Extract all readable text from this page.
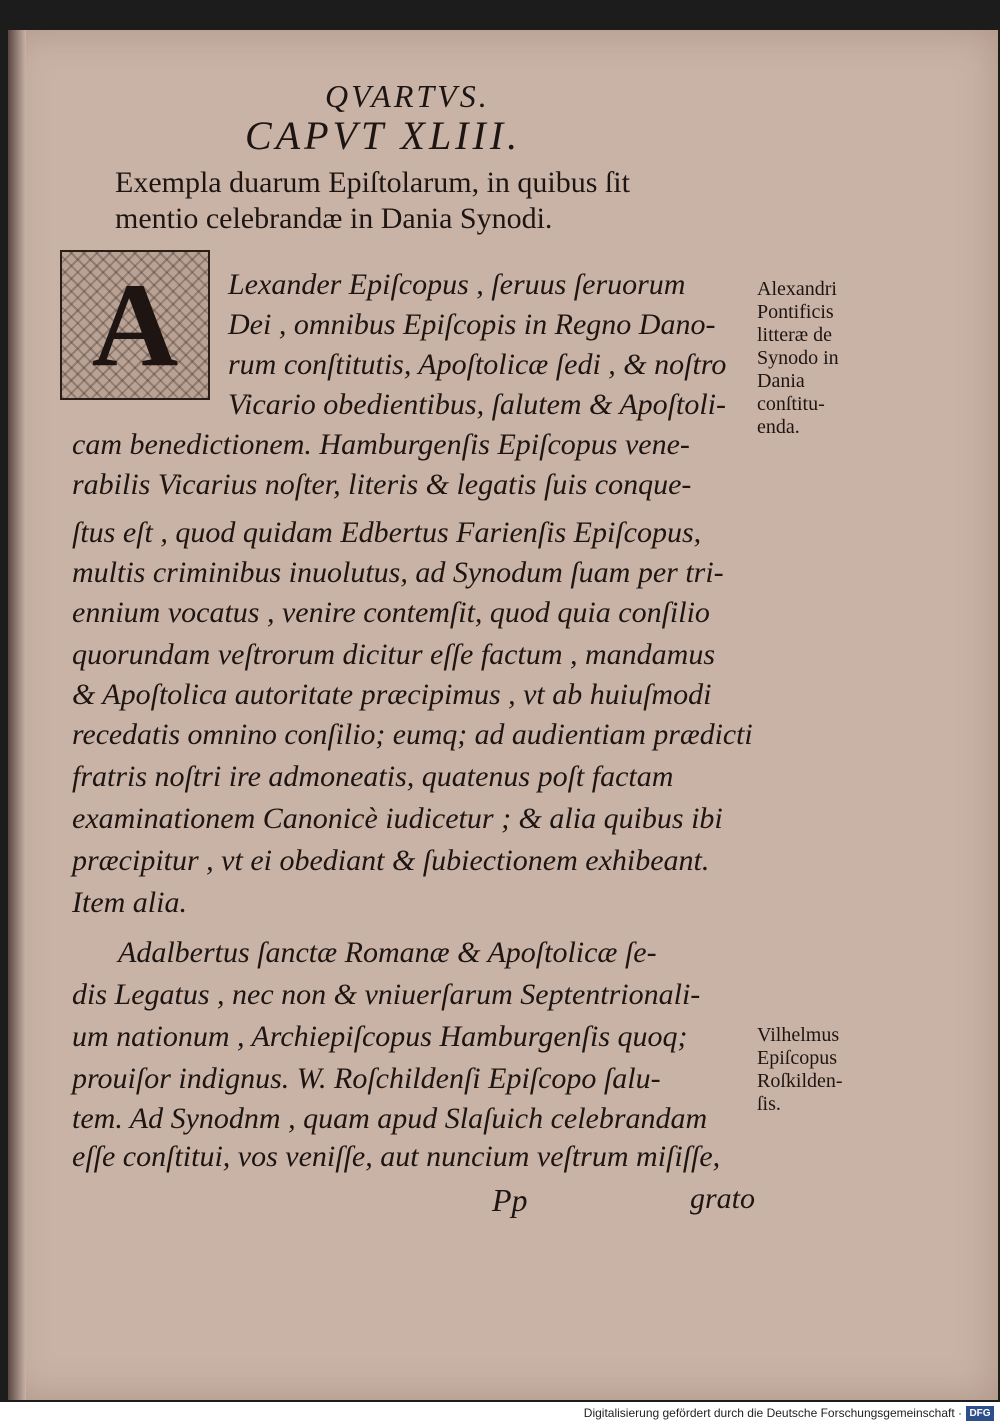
QVARTVS.
CAPVT XLIII.
Exempla duarum Epiſtolarum, in quibus ſit
mentio celebrandæ in Dania Synodi.
A Lexander Epiſcopus , ſeruus ſeruorum
Dei , omnibus Epiſcopis in Regno Dano-
rum conſtitutis, Apoſtolicæ ſedi , & noſtro
Vicario obedientibus, ſalutem & Apoſtoli-
cam benedictionem. Hamburgenſis Epiſcopus vene-
rabilis Vicarius noſter, literis & legatis ſuis conque-
ſtus eſt , quod quidam Edbertus Farienſis Epiſcopus,
multis criminibus inuolutus, ad Synodum ſuam per tri-
ennium vocatus , venire contemſit, quod quia conſilio
quorundam veſtrorum dicitur eſſe factum , mandamus
& Apoſtolica autoritate præcipimus , vt ab huiuſmodi
recedatis omnino conſilio; eumq; ad audientiam prædicti
fratris noſtri ire admoneatis, quatenus poſt factam
examinationem Canonicè iudicetur ; & alia quibus ibi
præcipitur , vt ei obediant & ſubiectionem exhibeant.
Item alia.
Adalbertus ſanctæ Romanæ & Apoſtolicæ ſe-
dis Legatus , nec non & vniuerſarum Septentrionali-
um nationum , Archiepiſcopus Hamburgenſis quoq;
prouiſor indignus. W. Roſchildenſi Epiſcopo ſalu-
tem. Ad Synodnm , quam apud Slaſuich celebrandam
eſſe conſtitui, vos veniſſe, aut nuncium veſtrum miſiſſe,
Alexandri
Pontificis
litteræ de
Synodo in
Dania
conſtitu-
enda.
Vilhelmus
Epiſcopus
Roſkilden-
ſis.
Pp	grato
Digitalisierung gefördert durch die Deutsche Forschungsgemeinschaft · DFG
